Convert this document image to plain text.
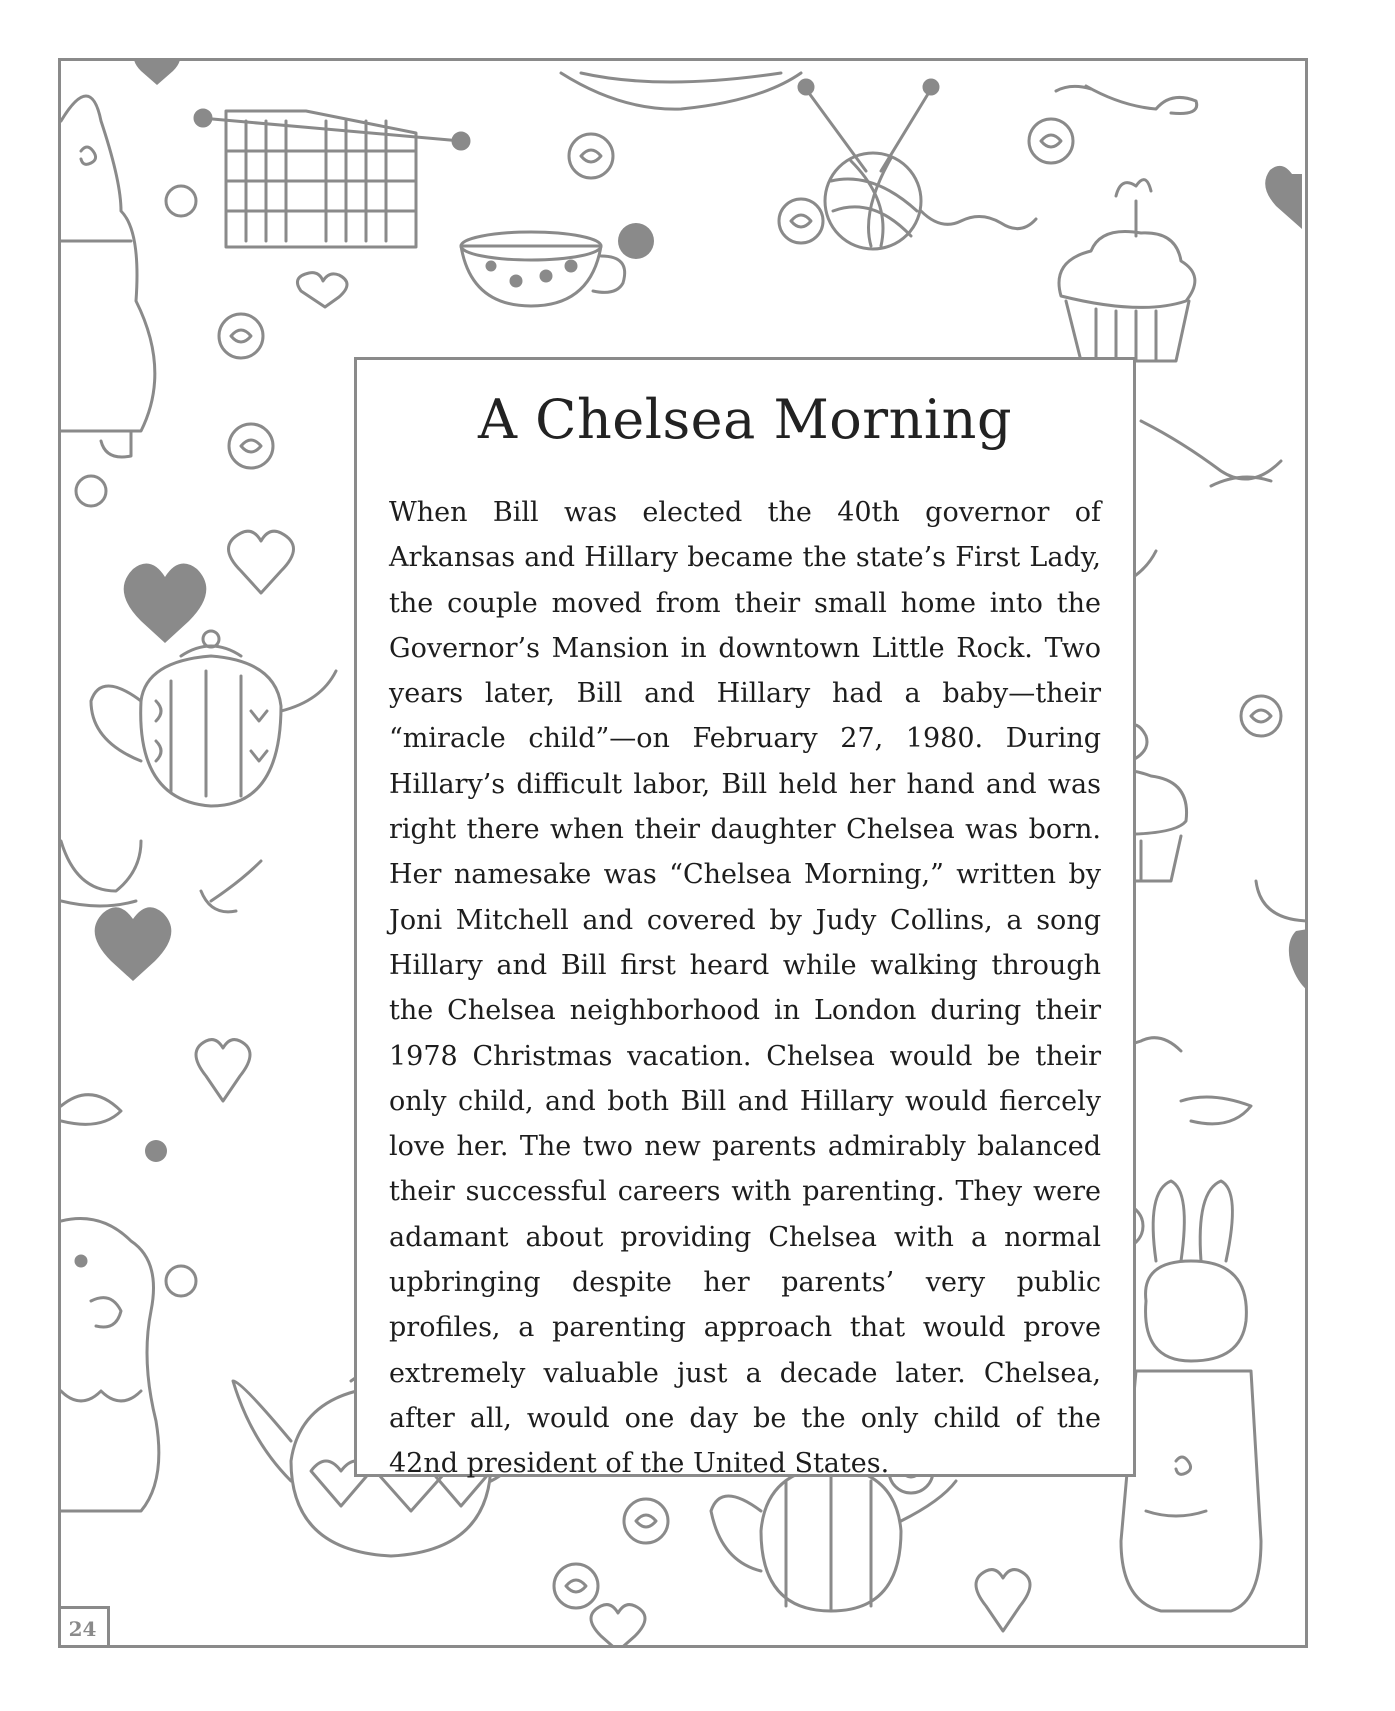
A Chelsea Morning

When Bill was elected the 40th governor of Arkansas and Hillary became the state’s First Lady, the couple moved from their small home into the Governor’s Mansion in downtown Little Rock. Two years later, Bill and Hillary had a baby—their “miracle child”—on February 27, 1980. During Hillary’s difficult labor, Bill held her hand and was right there when their daughter Chelsea was born. Her namesake was “Chelsea Morning,” written by Joni Mitchell and covered by Judy Collins, a song Hillary and Bill first heard while walking through the Chelsea neighborhood in London during their 1978 Christmas vacation. Chelsea would be their only child, and both Bill and Hillary would fiercely love her. The two new parents admirably balanced their successful careers with parenting. They were adamant about providing Chelsea with a normal upbringing despite her parents’ very public profiles, a parenting approach that would prove extremely valuable just a decade later. Chelsea, after all, would one day be the only child of the 42nd president of the United States.

24
